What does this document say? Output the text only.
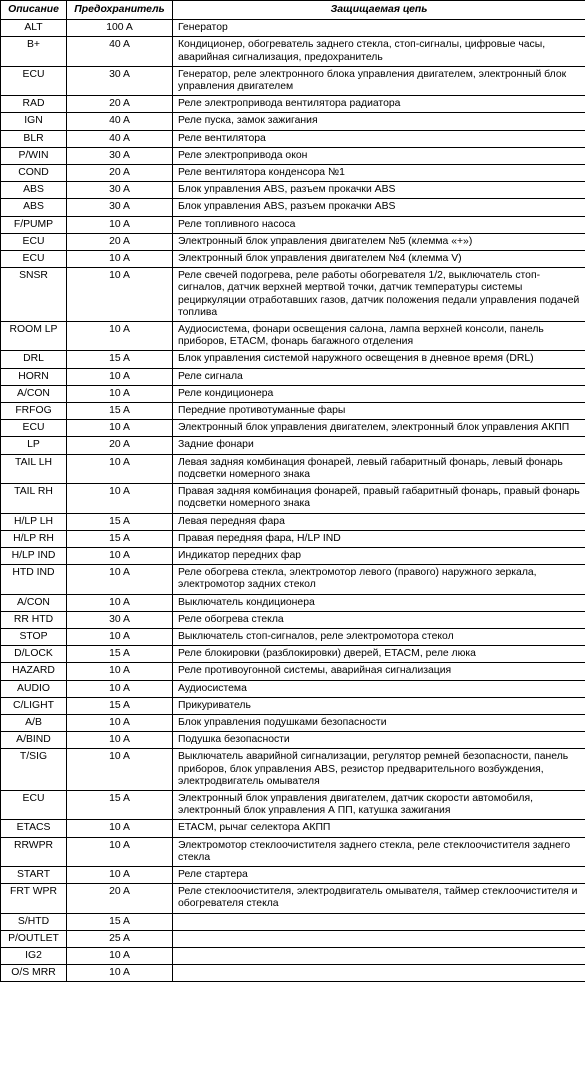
Описание	Предохранитель	Защищаемая цепь
ALT	100 A	Генератор
B+	40 A	Кондиционер, обогреватель заднего стекла, стоп-сигналы, цифровые часы, аварийная сигнализация, предохранитель
ECU	30 A	Генератор, реле электронного блока управления двигателем, электронный блок управления двигателем
RAD	20 A	Реле электропривода вентилятора радиатора
IGN	40 A	Реле пуска, замок зажигания
BLR	40 A	Реле вентилятора
P/WIN	30 A	Реле электропривода окон
COND	20 A	Реле вентилятора конденсора №1
ABS	30 A	Блок управления ABS, разъем прокачки ABS
ABS	30 A	Блок управления ABS, разъем прокачки ABS
F/PUMP	10 A	Реле топливного насоса
ECU	20 A	Электронный блок управления двигателем №5 (клемма «+»)
ECU	10 A	Электронный блок управления двигателем №4 (клемма V)
SNSR	10 A	Реле свечей подогрева, реле работы обогревателя 1/2, выключатель стоп-сигналов, датчик верхней мертвой точки, датчик температуры системы рециркуляции отработавших газов, датчик положения педали управления подачей топлива
ROOM LP	10 A	Аудиосистема, фонари освещения салона, лампа верхней консоли, панель приборов, ETACM, фонарь багажного отделения
DRL	15 A	Блок управления системой наружного освещения в дневное время (DRL)
HORN	10 A	Реле сигнала
A/CON	10 A	Реле кондиционера
FRFOG	15 A	Передние противотуманные фары
ECU	10 A	Электронный блок управления двигателем, электронный блок управления АКПП
LP	20 A	Задние фонари
TAIL LH	10 A	Левая задняя комбинация фонарей, левый габаритный фонарь, левый фонарь подсветки номерного знака
TAIL RH	10 A	Правая задняя комбинация фонарей, правый габаритный фонарь, правый фонарь подсветки номерного знака
H/LP LH	15 A	Левая передняя фара
H/LP RH	15 A	Правая передняя фара, H/LP IND
H/LP IND	10 A	Индикатор передних фар
HTD IND	10 A	Реле обогрева стекла, электромотор левого (правого) наружного зеркала, электромотор задних стекол
A/CON	10 A	Выключатель кондиционера
RR HTD	30 A	Реле обогрева стекла
STOP	10 A	Выключатель стоп-сигналов, реле электромотора стекол
D/LOCK	15 A	Реле блокировки (разблокировки) дверей, ETACM, реле люка
HAZARD	10 A	Реле противоугонной системы, аварийная сигнализация
AUDIO	10 A	Аудиосистема
C/LIGHT	15 A	Прикуриватель
A/B	10 A	Блок управления подушками безопасности
A/BIND	10 A	Подушка безопасности
T/SIG	10 A	Выключатель аварийной сигнализации, регулятор ремней безопасности, панель приборов, блок управления ABS, резистор предварительного возбуждения, электродвигатель омывателя
ECU	15 A	Электронный блок управления двигателем, датчик скорости автомобиля, электронный блок управления А ПП, катушка зажигания
ETACS	10 A	ETACM, рычаг селектора АКПП
RRWPR	10 A	Электромотор стеклоочистителя заднего стекла, реле стеклоочистителя заднего стекла
START	10 A	Реле стартера
FRT WPR	20 A	Реле стеклоочистителя, электродвигатель омывателя, таймер стеклоочистителя и обогревателя стекла
S/HTD	15 A	
P/OUTLET	25 A	
IG2	10 A	
O/S MRR	10 A	
